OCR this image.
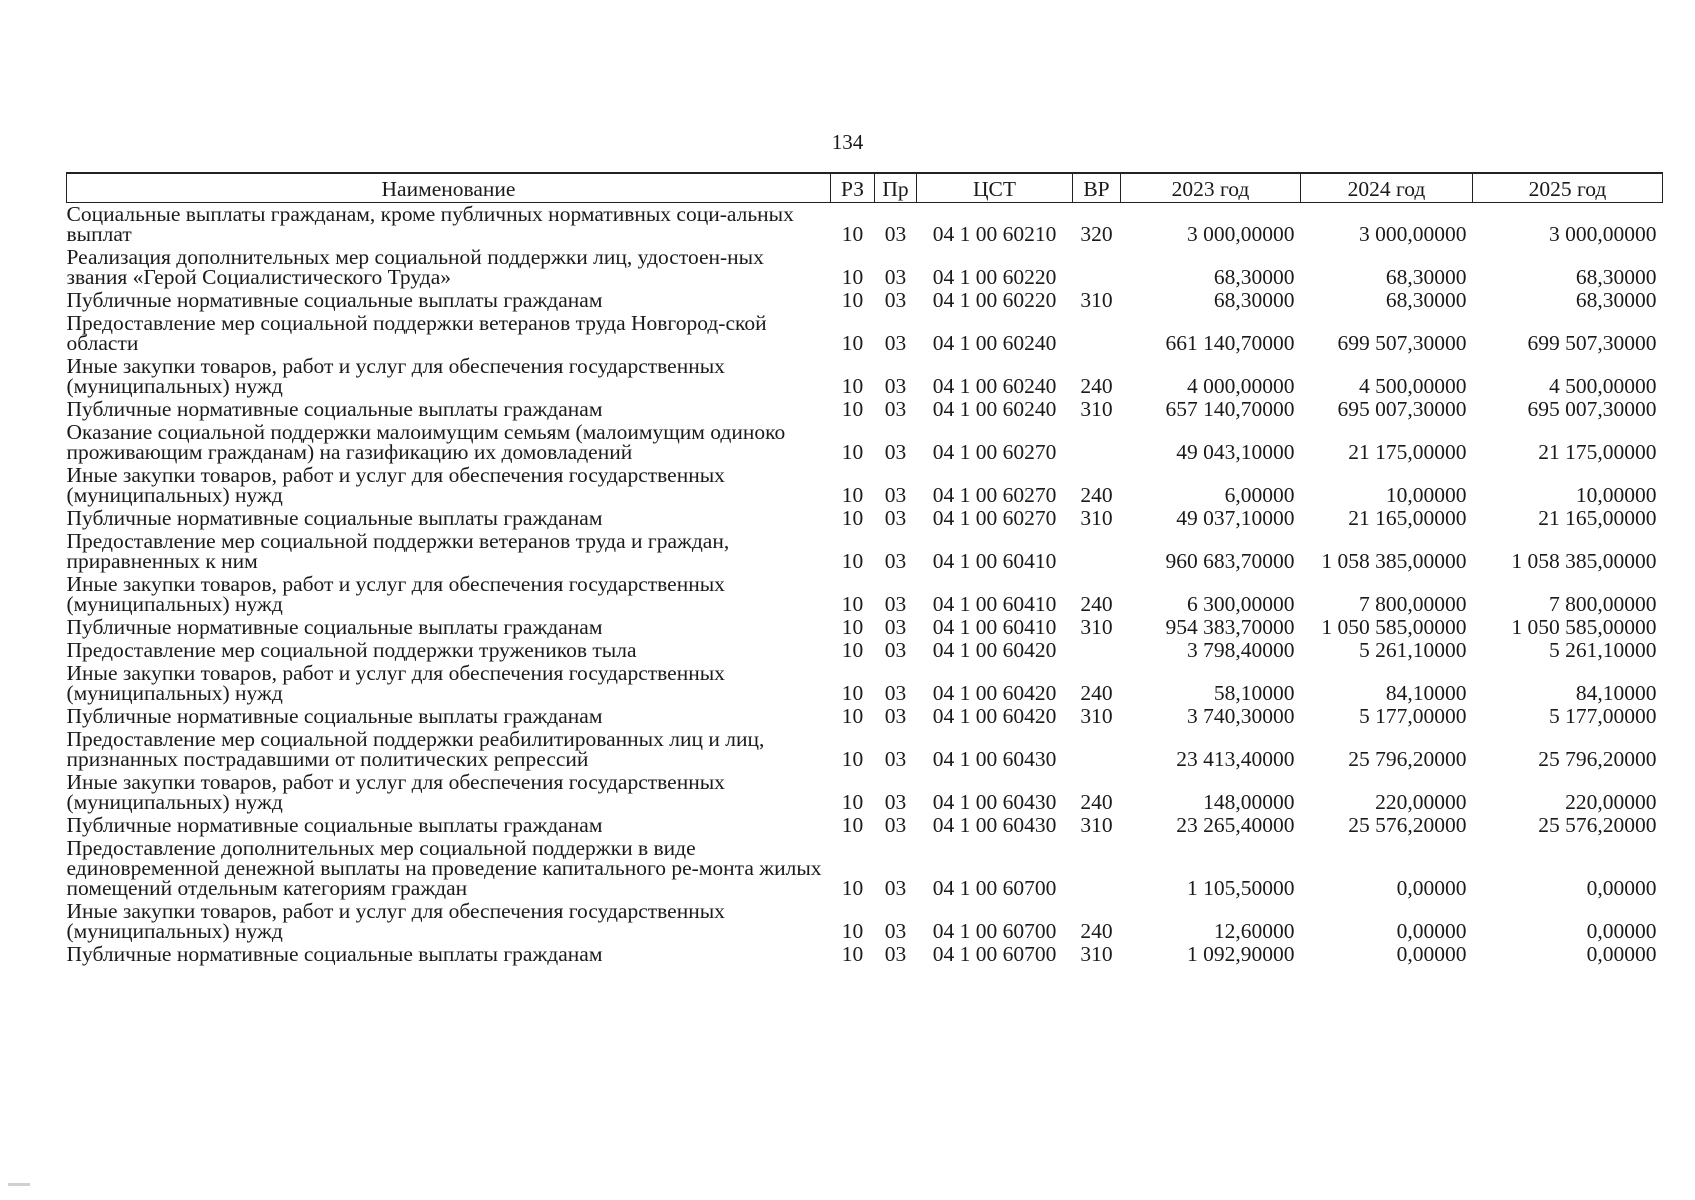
134
Наименование	РЗ	Пр	ЦСТ	ВР	2023 год	2024 год	2025 год
Социальные выплаты гражданам, кроме публичных нормативных соци-альных выплат	10	03	04 1 00 60210	320	3 000,00000	3 000,00000	3 000,00000
Реализация дополнительных мер социальной поддержки лиц, удостоен-ных звания «Герой Социалистического Труда»	10	03	04 1 00 60220		68,30000	68,30000	68,30000
Публичные нормативные социальные выплаты гражданам	10	03	04 1 00 60220	310	68,30000	68,30000	68,30000
Предоставление мер социальной поддержки ветеранов труда Новгород-ской области	10	03	04 1 00 60240		661 140,70000	699 507,30000	699 507,30000
Иные закупки товаров, работ и услуг для обеспечения государственных (муниципальных) нужд	10	03	04 1 00 60240	240	4 000,00000	4 500,00000	4 500,00000
Публичные нормативные социальные выплаты гражданам	10	03	04 1 00 60240	310	657 140,70000	695 007,30000	695 007,30000
Оказание социальной поддержки малоимущим семьям (малоимущим одиноко проживающим гражданам) на газификацию их домовладений	10	03	04 1 00 60270		49 043,10000	21 175,00000	21 175,00000
Иные закупки товаров, работ и услуг для обеспечения государственных (муниципальных) нужд	10	03	04 1 00 60270	240	6,00000	10,00000	10,00000
Публичные нормативные социальные выплаты гражданам	10	03	04 1 00 60270	310	49 037,10000	21 165,00000	21 165,00000
Предоставление мер социальной поддержки ветеранов труда и граждан, приравненных к ним	10	03	04 1 00 60410		960 683,70000	1 058 385,00000	1 058 385,00000
Иные закупки товаров, работ и услуг для обеспечения государственных (муниципальных) нужд	10	03	04 1 00 60410	240	6 300,00000	7 800,00000	7 800,00000
Публичные нормативные социальные выплаты гражданам	10	03	04 1 00 60410	310	954 383,70000	1 050 585,00000	1 050 585,00000
Предоставление мер социальной поддержки тружеников тыла	10	03	04 1 00 60420		3 798,40000	5 261,10000	5 261,10000
Иные закупки товаров, работ и услуг для обеспечения государственных (муниципальных) нужд	10	03	04 1 00 60420	240	58,10000	84,10000	84,10000
Публичные нормативные социальные выплаты гражданам	10	03	04 1 00 60420	310	3 740,30000	5 177,00000	5 177,00000
Предоставление мер социальной поддержки реабилитированных лиц и лиц, признанных пострадавшими от политических репрессий	10	03	04 1 00 60430		23 413,40000	25 796,20000	25 796,20000
Иные закупки товаров, работ и услуг для обеспечения государственных (муниципальных) нужд	10	03	04 1 00 60430	240	148,00000	220,00000	220,00000
Публичные нормативные социальные выплаты гражданам	10	03	04 1 00 60430	310	23 265,40000	25 576,20000	25 576,20000
Предоставление дополнительных мер социальной поддержки в виде единовременной денежной выплаты на проведение капитального ре-монта жилых помещений отдельным категориям граждан	10	03	04 1 00 60700		1 105,50000	0,00000	0,00000
Иные закупки товаров, работ и услуг для обеспечения государственных (муниципальных) нужд	10	03	04 1 00 60700	240	12,60000	0,00000	0,00000
Публичные нормативные социальные выплаты гражданам	10	03	04 1 00 60700	310	1 092,90000	0,00000	0,00000
